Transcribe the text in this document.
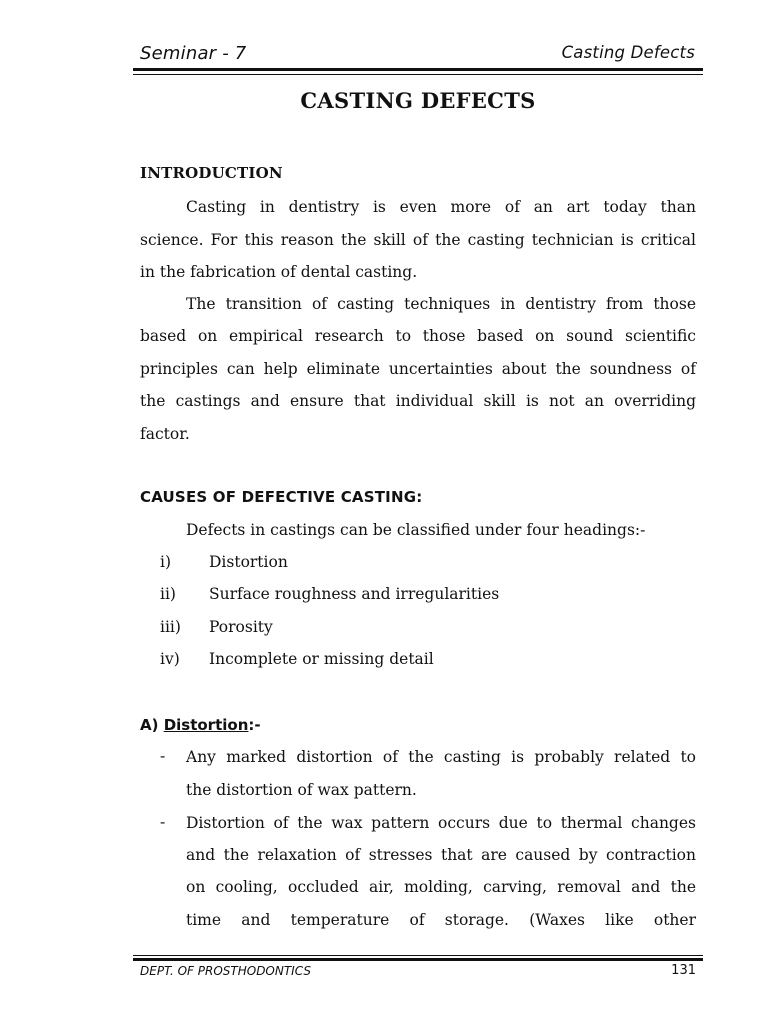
Seminar - 7	Casting Defects
CASTING DEFECTS
INTRODUCTION
Casting in dentistry is even more of an art today than
science. For this reason the skill of the casting technician is critical
in the fabrication of dental casting.
The transition of casting techniques in dentistry from those
based on empirical research to those based on sound scientific
principles can help eliminate uncertainties about the soundness of
the castings and ensure that individual skill is not an overriding
factor.
CAUSES OF DEFECTIVE CASTING:
Defects in castings can be classified under four headings:-
i) Distortion
ii) Surface roughness and irregularities
iii) Porosity
iv) Incomplete or missing detail
A) Distortion:-
- Any marked distortion of the casting is probably related to
the distortion of wax pattern.
- Distortion of the wax pattern occurs due to thermal changes
and the relaxation of stresses that are caused by contraction
on cooling, occluded air, molding, carving, removal and the
time and temperature of storage. (Waxes like other
DEPT. OF PROSTHODONTICS	131
